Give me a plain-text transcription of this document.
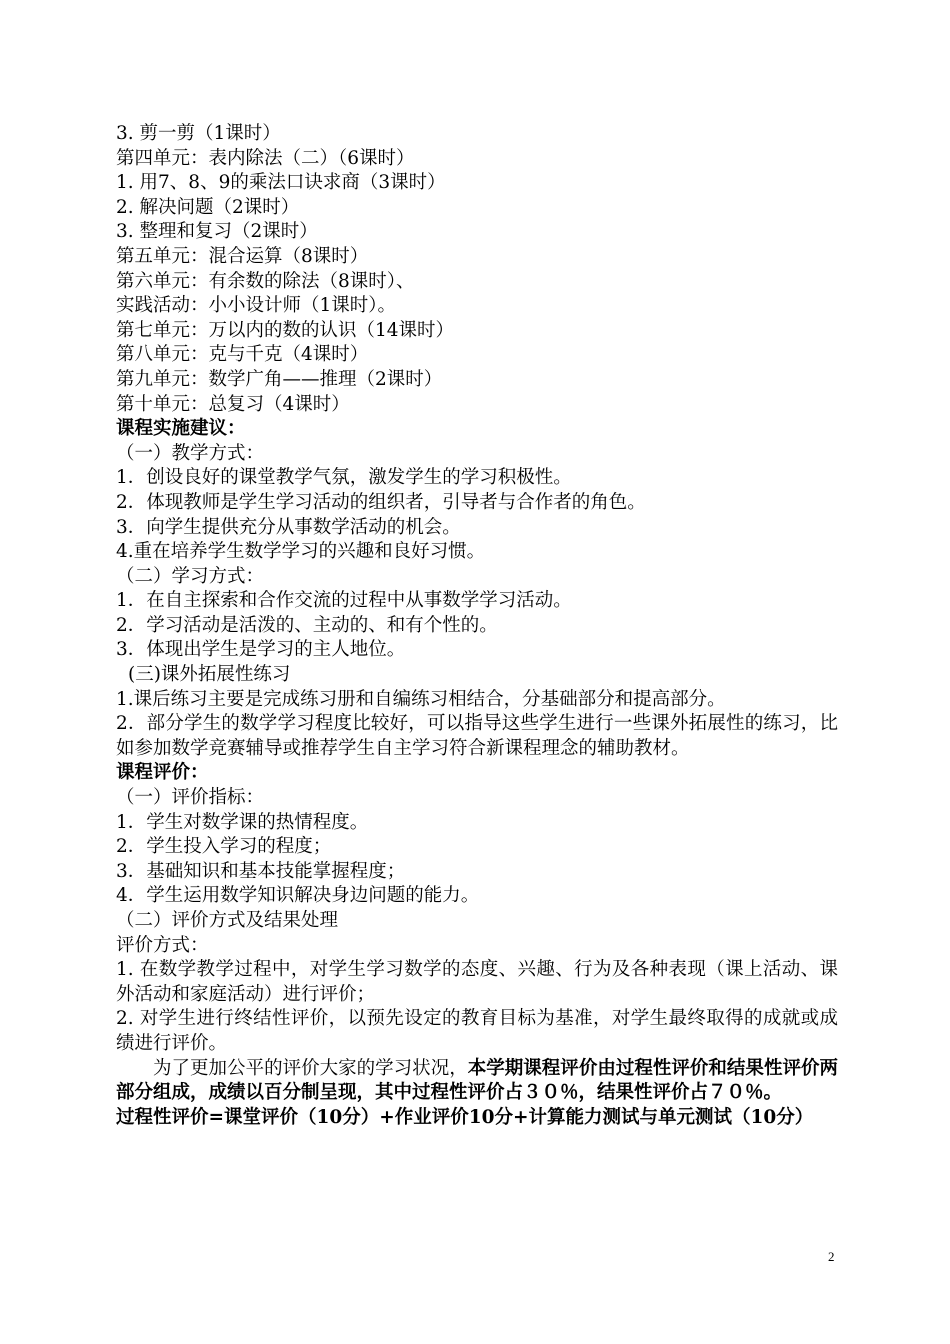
3. 剪一剪（1课时）
第四单元：表内除法（二）（6课时）
1. 用7、8、9的乘法口诀求商（3课时）
2. 解决问题（2课时）
3. 整理和复习（2课时）
第五单元：混合运算（8课时）
第六单元：有余数的除法（8课时）、
实践活动：小小设计师（1课时）。
第七单元：万以内的数的认识（14课时）
第八单元：克与千克（4课时）
第九单元：数学广角——推理（2课时）
第十单元：总复习（4课时）
课程实施建议：
（一）教学方式：
1．创设良好的课堂教学气氛，激发学生的学习积极性。
2．体现教师是学生学习活动的组织者，引导者与合作者的角色。
3．向学生提供充分从事数学活动的机会。
4.重在培养学生数学学习的兴趣和良好习惯。
（二）学习方式：
1．在自主探索和合作交流的过程中从事数学学习活动。
2．学习活动是活泼的、主动的、和有个性的。
3．体现出学生是学习的主人地位。
(三)课外拓展性练习
1.课后练习主要是完成练习册和自编练习相结合，分基础部分和提高部分。
2．部分学生的数学学习程度比较好，可以指导这些学生进行一些课外拓展性的练习，比如参加数学竞赛辅导或推荐学生自主学习符合新课程理念的辅助教材。
课程评价：
（一）评价指标：
1．学生对数学课的热情程度。
2．学生投入学习的程度；
3．基础知识和基本技能掌握程度；
4．学生运用数学知识解决身边问题的能力。
（二）评价方式及结果处理
评价方式：
1. 在数学教学过程中，对学生学习数学的态度、兴趣、行为及各种表现（课上活动、课外活动和家庭活动）进行评价；
2. 对学生进行终结性评价，以预先设定的教育目标为基准，对学生最终取得的成就或成绩进行评价。
为了更加公平的评价大家的学习状况，本学期课程评价由过程性评价和结果性评价两部分组成，成绩以百分制呈现，其中过程性评价占３０％，结果性评价占７０％。
过程性评价=课堂评价（10分）+作业评价10分+计算能力测试与单元测试（10分）
2
